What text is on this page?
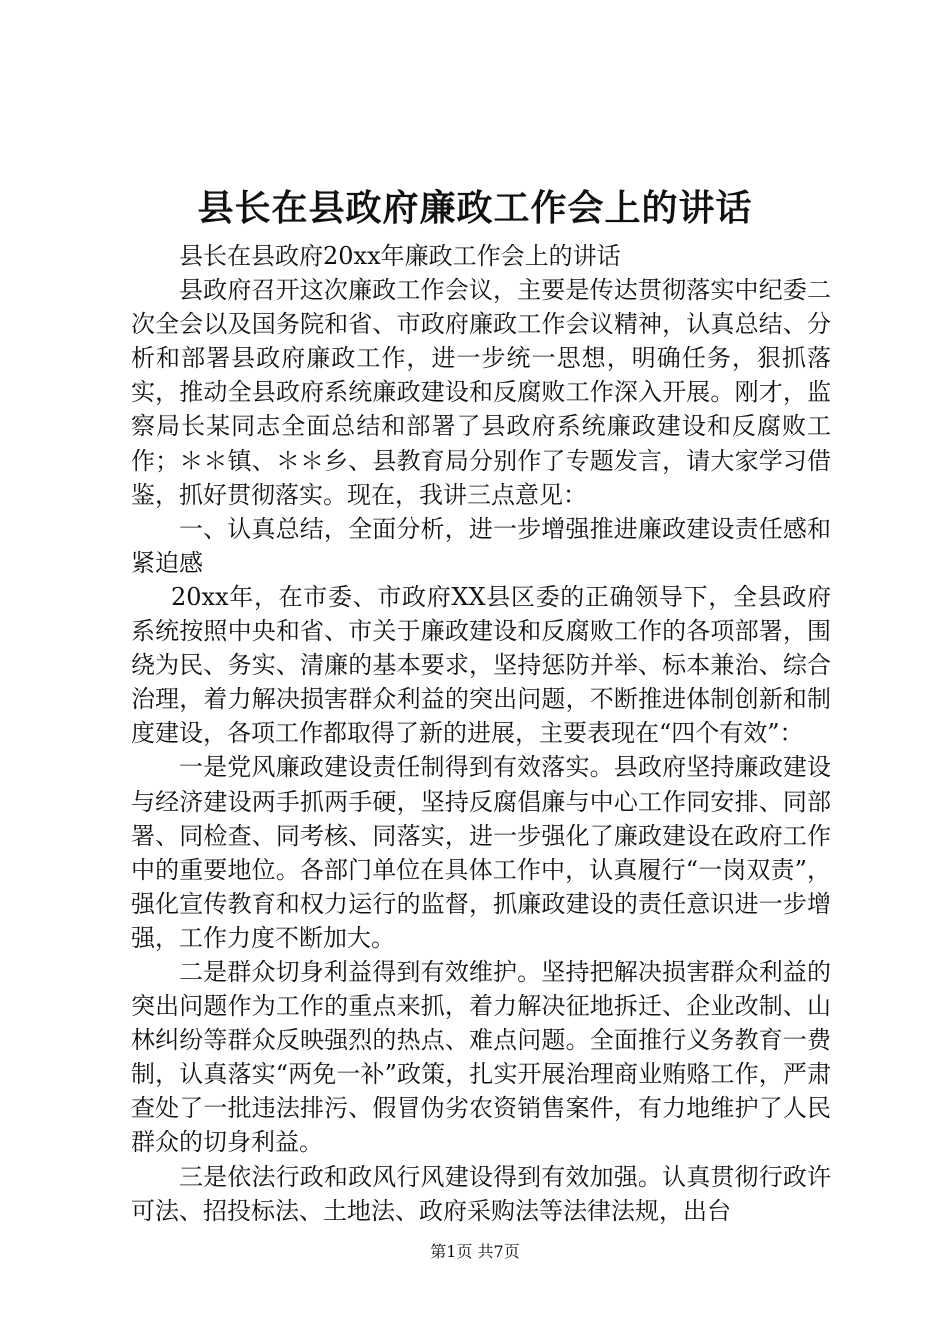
县长在县政府廉政工作会上的讲话

县长在县政府20xx年廉政工作会上的讲话

县政府召开这次廉政工作会议，主要是传达贯彻落实中纪委二次全会以及国务院和省、市政府廉政工作会议精神，认真总结、分析和部署县政府廉政工作，进一步统一思想，明确任务，狠抓落实，推动全县政府系统廉政建设和反腐败工作深入开展。刚才，监察局长某同志全面总结和部署了县政府系统廉政建设和反腐败工作；＊＊镇、＊＊乡、县教育局分别作了专题发言，请大家学习借鉴，抓好贯彻落实。现在，我讲三点意见：

一、认真总结，全面分析，进一步增强推进廉政建设责任感和紧迫感

20xx年，在市委、市政府XX县区委的正确领导下，全县政府系统按照中央和省、市关于廉政建设和反腐败工作的各项部署，围绕为民、务实、清廉的基本要求，坚持惩防并举、标本兼治、综合治理，着力解决损害群众利益的突出问题，不断推进体制创新和制度建设，各项工作都取得了新的进展，主要表现在“四个有效”：

一是党风廉政建设责任制得到有效落实。县政府坚持廉政建设与经济建设两手抓两手硬，坚持反腐倡廉与中心工作同安排、同部署、同检查、同考核、同落实，进一步强化了廉政建设在政府工作中的重要地位。各部门单位在具体工作中，认真履行“一岗双责”，强化宣传教育和权力运行的监督，抓廉政建设的责任意识进一步增强，工作力度不断加大。

二是群众切身利益得到有效维护。坚持把解决损害群众利益的突出问题作为工作的重点来抓，着力解决征地拆迁、企业改制、山林纠纷等群众反映强烈的热点、难点问题。全面推行义务教育一费制，认真落实“两免一补”政策，扎实开展治理商业贿赂工作，严肃查处了一批违法排污、假冒伪劣农资销售案件，有力地维护了人民群众的切身利益。

三是依法行政和政风行风建设得到有效加强。认真贯彻行政许可法、招投标法、土地法、政府采购法等法律法规，出台

第1页 共7页
